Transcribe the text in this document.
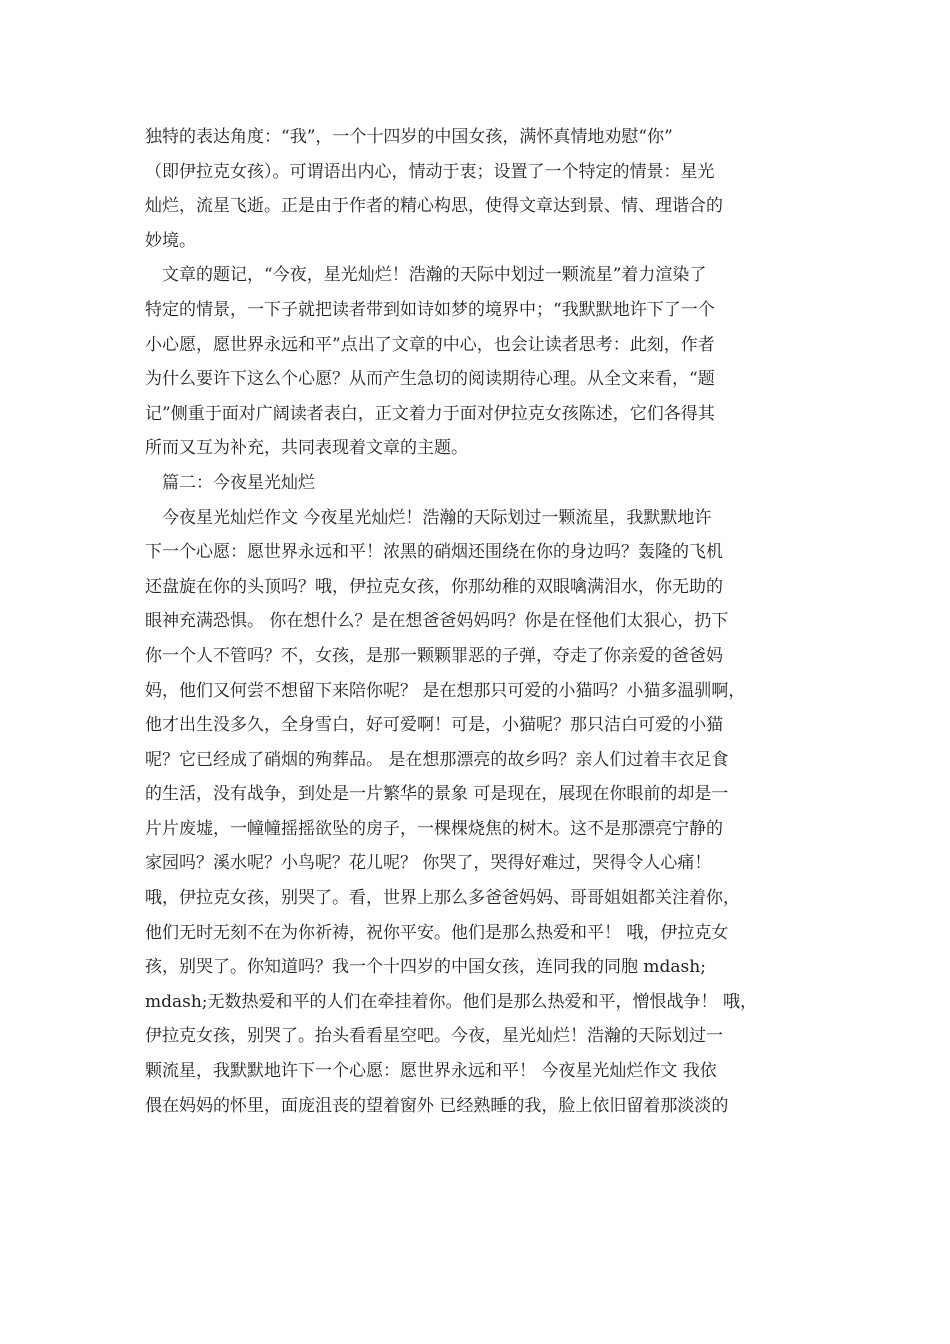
独特的表达角度：“我”，一个十四岁的中国女孩，满怀真情地劝慰“你”
（即伊拉克女孩）。可谓语出内心，情动于衷；设置了一个特定的情景：星光
灿烂，流星飞逝。正是由于作者的精心构思，使得文章达到景、情、理谐合的
妙境。
　文章的题记，“今夜，星光灿烂！浩瀚的天际中划过一颗流星”着力渲染了
特定的情景，一下子就把读者带到如诗如梦的境界中；“我默默地许下了一个
小心愿，愿世界永远和平”点出了文章的中心，也会让读者思考：此刻，作者
为什么要许下这么个心愿？从而产生急切的阅读期待心理。从全文来看，“题
记”侧重于面对广阔读者表白，正文着力于面对伊拉克女孩陈述，它们各得其
所而又互为补充，共同表现着文章的主题。
篇二：今夜星光灿烂
　今夜星光灿烂作文 今夜星光灿烂！浩瀚的天际划过一颗流星，我默默地许
下一个心愿：愿世界永远和平！浓黑的硝烟还围绕在你的身边吗？轰隆的飞机
还盘旋在你的头顶吗？哦，伊拉克女孩，你那幼稚的双眼噙满泪水，你无助的
眼神充满恐惧。 你在想什么？是在想爸爸妈妈吗？你是在怪他们太狠心，扔下
你一个人不管吗？不，女孩，是那一颗颗罪恶的子弹，夺走了你亲爱的爸爸妈
妈，他们又何尝不想留下来陪你呢？ 是在想那只可爱的小猫吗？小猫多温驯啊，
他才出生没多久，全身雪白，好可爱啊！可是，小猫呢？那只洁白可爱的小猫
呢？它已经成了硝烟的殉葬品。 是在想那漂亮的故乡吗？亲人们过着丰衣足食
的生活，没有战争，到处是一片繁华的景象 可是现在，展现在你眼前的却是一
片片废墟，一幢幢摇摇欲坠的房子，一棵棵烧焦的树木。这不是那漂亮宁静的
家园吗？溪水呢？小鸟呢？花儿呢？ 你哭了，哭得好难过，哭得令人心痛！
哦，伊拉克女孩，别哭了。看，世界上那么多爸爸妈妈、哥哥姐姐都关注着你，
他们无时无刻不在为你祈祷，祝你平安。他们是那么热爱和平！ 哦，伊拉克女
孩，别哭了。你知道吗？我一个十四岁的中国女孩，连同我的同胞 mdash;
mdash;无数热爱和平的人们在牵挂着你。他们是那么热爱和平，憎恨战争！ 哦，
伊拉克女孩，别哭了。抬头看看星空吧。今夜，星光灿烂！浩瀚的天际划过一
颗流星，我默默地许下一个心愿：愿世界永远和平！ 今夜星光灿烂作文 我依
偎在妈妈的怀里，面庞沮丧的望着窗外 已经熟睡的我，脸上依旧留着那淡淡的
